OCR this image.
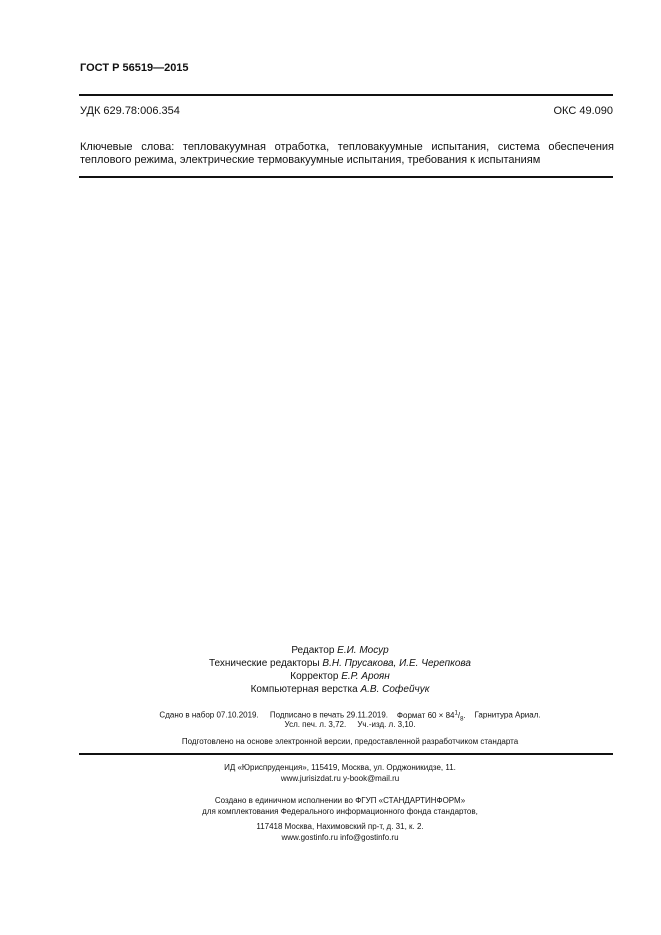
ГОСТ Р 56519—2015
УДК 629.78:006.354	ОКС 49.090
Ключевые слова: тепловакуумная отработка, тепловакуумные испытания, система обеспечения теплового режима, электрические термовакуумные испытания, требования к испытаниям
Редактор Е.И. Мосур
Технические редакторы В.Н. Прусакова, И.Е. Черепкова
Корректор Е.Р. Ароян
Компьютерная верстка А.В. Софейчук
Сдано в набор 07.10.2019. Подписано в печать 29.11.2019. Формат $60 \times 84^1/_8$. Гарнитура Ариал.
Усл. печ. л. 3,72. Уч.-изд. л. 3,10.
Подготовлено на основе электронной версии, предоставленной разработчиком стандарта
ИД «Юриспруденция», 115419, Москва, ул. Орджоникидзе, 11.
www.jurisizdat.ru y-book@mail.ru
Создано в единичном исполнении во ФГУП «СТАНДАРТИНФОРМ»
для комплектования Федерального информационного фонда стандартов,
117418 Москва, Нахимовский пр-т, д. 31, к. 2.
www.gostinfo.ru info@gostinfo.ru
